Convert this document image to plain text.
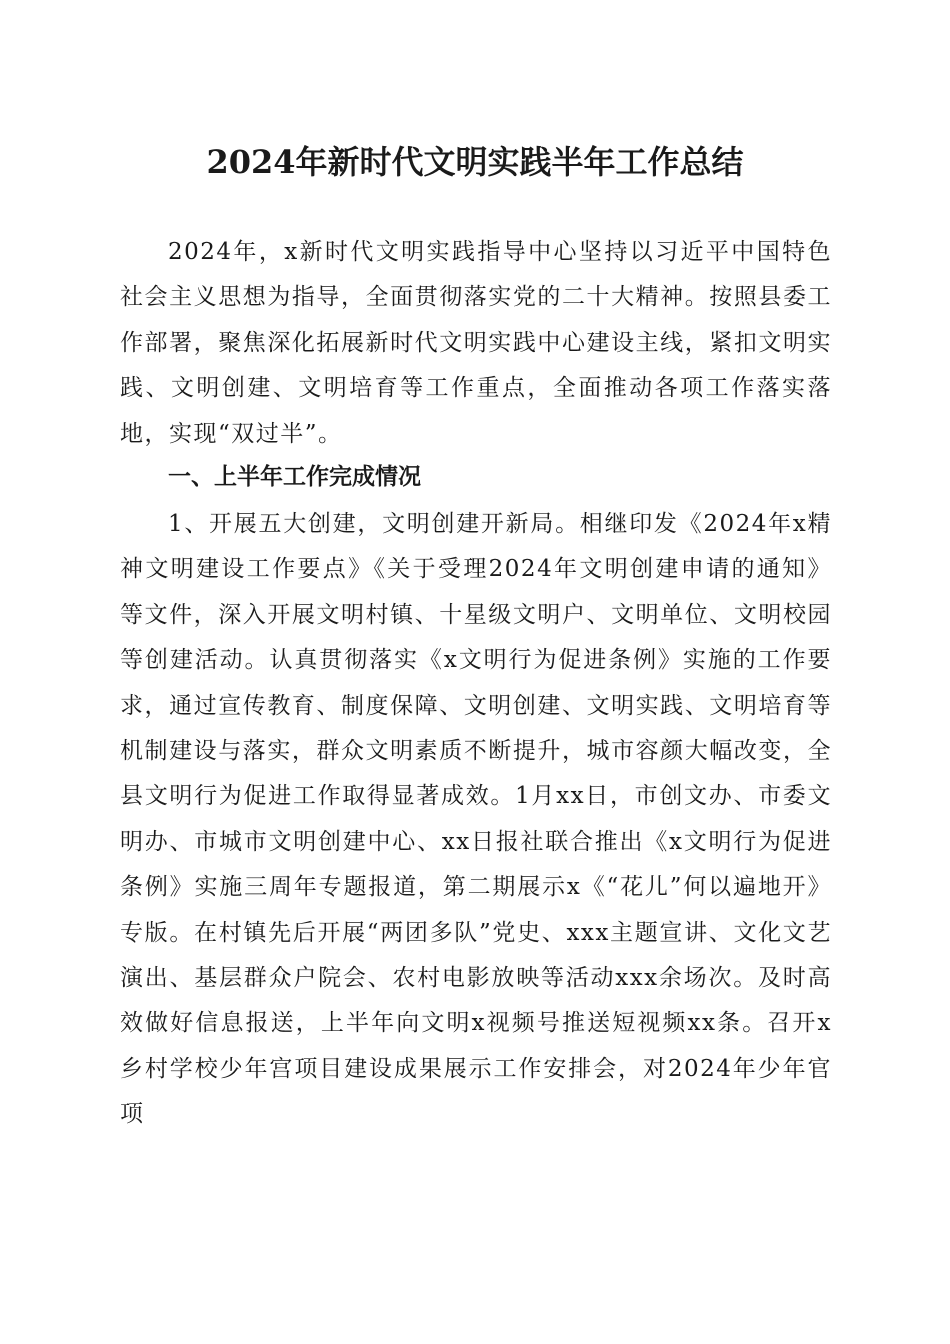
2024年新时代文明实践半年工作总结

2024年，x新时代文明实践指导中心坚持以习近平中国特色社会主义思想为指导，全面贯彻落实党的二十大精神。按照县委工作部署，聚焦深化拓展新时代文明实践中心建设主线，紧扣文明实践、文明创建、文明培育等工作重点，全面推动各项工作落实落地，实现“双过半”。

一、上半年工作完成情况

1、开展五大创建，文明创建开新局。相继印发《2024年x精神文明建设工作要点》《关于受理2024年文明创建申请的通知》等文件，深入开展文明村镇、十星级文明户、文明单位、文明校园等创建活动。认真贯彻落实《x文明行为促进条例》实施的工作要求，通过宣传教育、制度保障、文明创建、文明实践、文明培育等机制建设与落实，群众文明素质不断提升，城市容颜大幅改变，全县文明行为促进工作取得显著成效。1月xx日，市创文办、市委文明办、市城市文明创建中心、xx日报社联合推出《x文明行为促进条例》实施三周年专题报道，第二期展示x《“花儿”何以遍地开》专版。在村镇先后开展“两团多队”党史、xxx主题宣讲、文化文艺演出、基层群众户院会、农村电影放映等活动xxx余场次。及时高效做好信息报送，上半年向文明x视频号推送短视频xx条。召开x乡村学校少年宫项目建设成果展示工作安排会，对2024年少年官项
